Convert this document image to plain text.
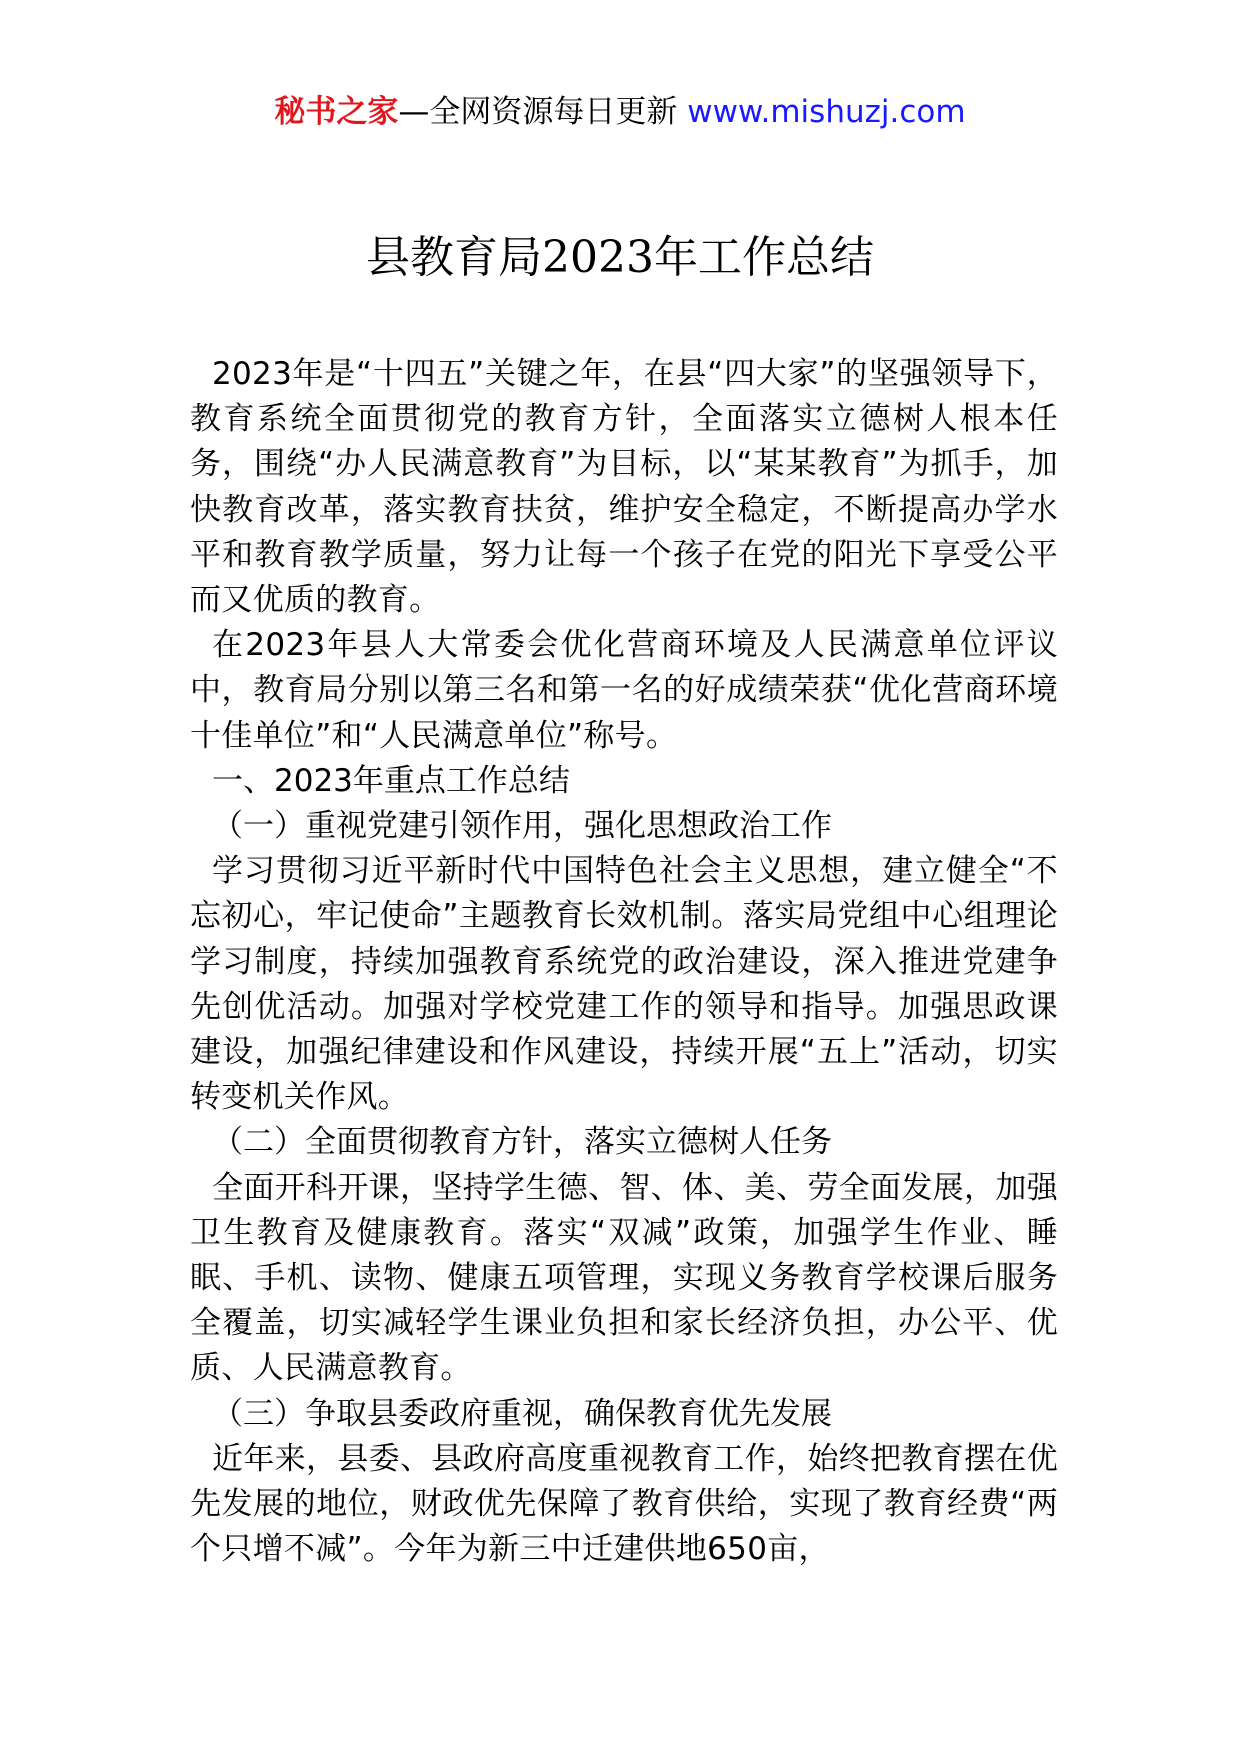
秘书之家—全网资源每日更新 www.mishuzj.com
县教育局2023年工作总结

2023年是“十四五”关键之年，在县“四大家”的坚强领导下，教育系统全面贯彻党的教育方针，全面落实立德树人根本任务，围绕“办人民满意教育”为目标，以“某某教育”为抓手，加快教育改革，落实教育扶贫，维护安全稳定，不断提高办学水平和教育教学质量，努力让每一个孩子在党的阳光下享受公平而又优质的教育。

在2023年县人大常委会优化营商环境及人民满意单位评议中，教育局分别以第三名和第一名的好成绩荣获“优化营商环境十佳单位”和“人民满意单位”称号。

一、2023年重点工作总结

（一）重视党建引领作用，强化思想政治工作

学习贯彻习近平新时代中国特色社会主义思想，建立健全“不忘初心，牢记使命”主题教育长效机制。落实局党组中心组理论学习制度，持续加强教育系统党的政治建设，深入推进党建争先创优活动。加强对学校党建工作的领导和指导。加强思政课建设，加强纪律建设和作风建设，持续开展“五上”活动，切实转变机关作风。

（二）全面贯彻教育方针，落实立德树人任务

全面开科开课，坚持学生德、智、体、美、劳全面发展，加强卫生教育及健康教育。落实“双减”政策，加强学生作业、睡眠、手机、读物、健康五项管理，实现义务教育学校课后服务全覆盖，切实减轻学生课业负担和家长经济负担，办公平、优质、人民满意教育。

（三）争取县委政府重视，确保教育优先发展

近年来，县委、县政府高度重视教育工作，始终把教育摆在优先发展的地位，财政优先保障了教育供给，实现了教育经费“两个只增不减”。今年为新三中迁建供地650亩，
